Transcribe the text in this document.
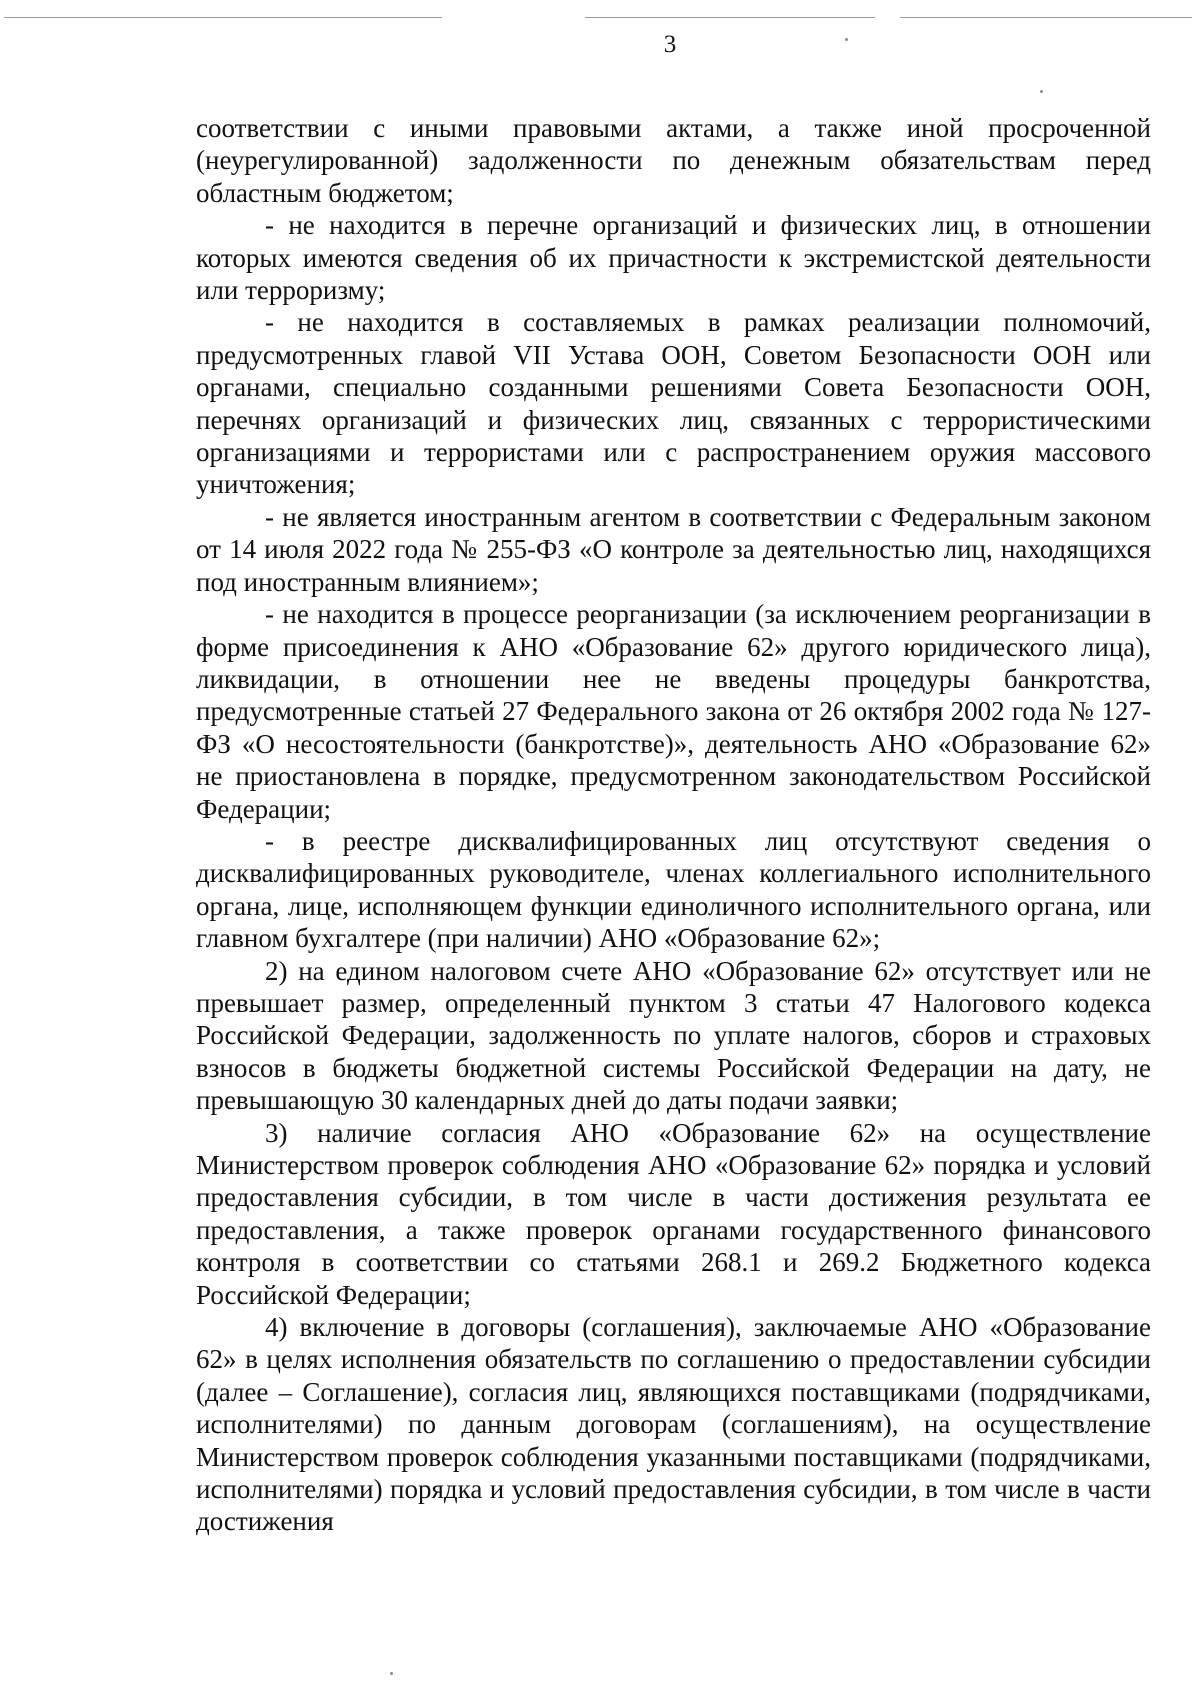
3

соответствии с иными правовыми актами, а также иной просроченной (неурегулированной) задолженности по денежным обязательствам перед областным бюджетом;

- не находится в перечне организаций и физических лиц, в отношении которых имеются сведения об их причастности к экстремистской деятельности или терроризму;

- не находится в составляемых в рамках реализации полномочий, предусмотренных главой VII Устава ООН, Советом Безопасности ООН или органами, специально созданными решениями Совета Безопасности ООН, перечнях организаций и физических лиц, связанных с террористическими организациями и террористами или с распространением оружия массового уничтожения;

- не является иностранным агентом в соответствии с Федеральным законом от 14 июля 2022 года № 255-ФЗ «О контроле за деятельностью лиц, находящихся под иностранным влиянием»;

- не находится в процессе реорганизации (за исключением реорганизации в форме присоединения к АНО «Образование 62» другого юридического лица), ликвидации, в отношении нее не введены процедуры банкротства, предусмотренные статьей 27 Федерального закона от 26 октября 2002 года № 127-ФЗ «О несостоятельности (банкротстве)», деятельность АНО «Образование 62» не приостановлена в порядке, предусмотренном законодательством Российской Федерации;

- в реестре дисквалифицированных лиц отсутствуют сведения о дисквалифицированных руководителе, членах коллегиального исполнительного органа, лице, исполняющем функции единоличного исполнительного органа, или главном бухгалтере (при наличии) АНО «Образование 62»;

2) на едином налоговом счете АНО «Образование 62» отсутствует или не превышает размер, определенный пунктом 3 статьи 47 Налогового кодекса Российской Федерации, задолженность по уплате налогов, сборов и страховых взносов в бюджеты бюджетной системы Российской Федерации на дату, не превышающую 30 календарных дней до даты подачи заявки;

3) наличие согласия АНО «Образование 62» на осуществление Министерством проверок соблюдения АНО «Образование 62» порядка и условий предоставления субсидии, в том числе в части достижения результата ее предоставления, а также проверок органами государственного финансового контроля в соответствии со статьями 268.1 и 269.2 Бюджетного кодекса Российской Федерации;

4) включение в договоры (соглашения), заключаемые АНО «Образование 62» в целях исполнения обязательств по соглашению о предоставлении субсидии (далее – Соглашение), согласия лиц, являющихся поставщиками (подрядчиками, исполнителями) по данным договорам (соглашениям), на осуществление Министерством проверок соблюдения указанными поставщиками (подрядчиками, исполнителями) порядка и условий предоставления субсидии, в том числе в части достижения
